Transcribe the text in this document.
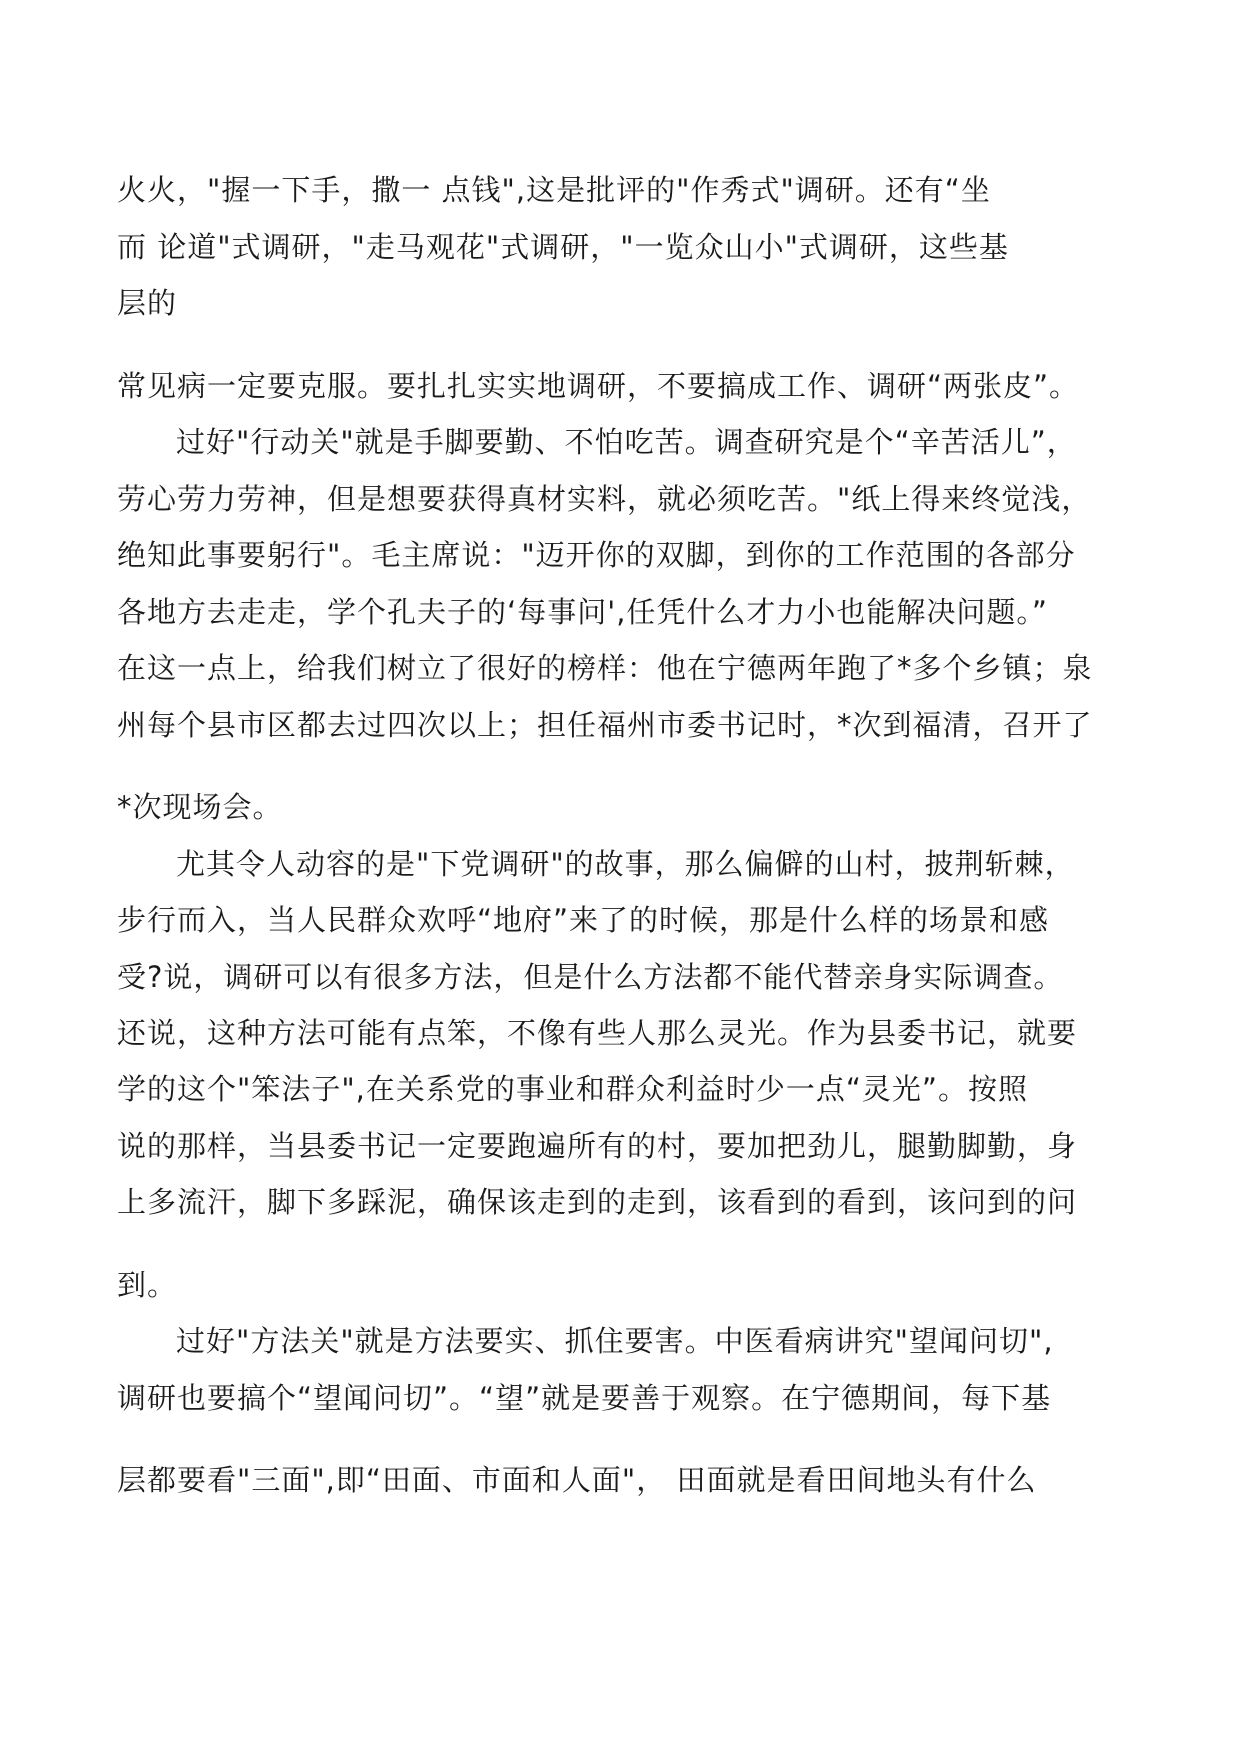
火火，"握一下手，撒一 点钱",这是批评的"作秀式"调研。还有“坐
而 论道"式调研，"走马观花"式调研，"一览众山小"式调研，这些基
层的
常见病一定要克服。要扎扎实实地调研，不要搞成工作、调研“两张皮”。
过好"行动关"就是手脚要勤、不怕吃苦。调查研究是个“辛苦活儿”，
劳心劳力劳神，但是想要获得真材实料，就必须吃苦。"纸上得来终觉浅，
绝知此事要躬行"。毛主席说："迈开你的双脚，到你的工作范围的各部分
各地方去走走，学个孔夫子的‘每事问',任凭什么才力小也能解决问题。”
在这一点上，给我们树立了很好的榜样：他在宁德两年跑了*多个乡镇；泉
州每个县市区都去过四次以上；担任福州市委书记时，*次到福清，召开了
*次现场会。
尤其令人动容的是"下党调研"的故事，那么偏僻的山村，披荆斩棘，
步行而入，当人民群众欢呼“地府”来了的时候，那是什么样的场景和感
受?说，调研可以有很多方法，但是什么方法都不能代替亲身实际调查。
还说，这种方法可能有点笨，不像有些人那么灵光。作为县委书记，就要
学的这个"笨法子",在关系党的事业和群众利益时少一点“灵光”。按照
说的那样，当县委书记一定要跑遍所有的村，要加把劲儿，腿勤脚勤，身
上多流汗，脚下多踩泥，确保该走到的走到，该看到的看到，该问到的问
到。
过好"方法关"就是方法要实、抓住要害。中医看病讲究"望闻问切",
调研也要搞个“望闻问切”。“望”就是要善于观察。在宁德期间，每下基
层都要看"三面",即“田面、市面和人面"， 田面就是看田间地头有什么
